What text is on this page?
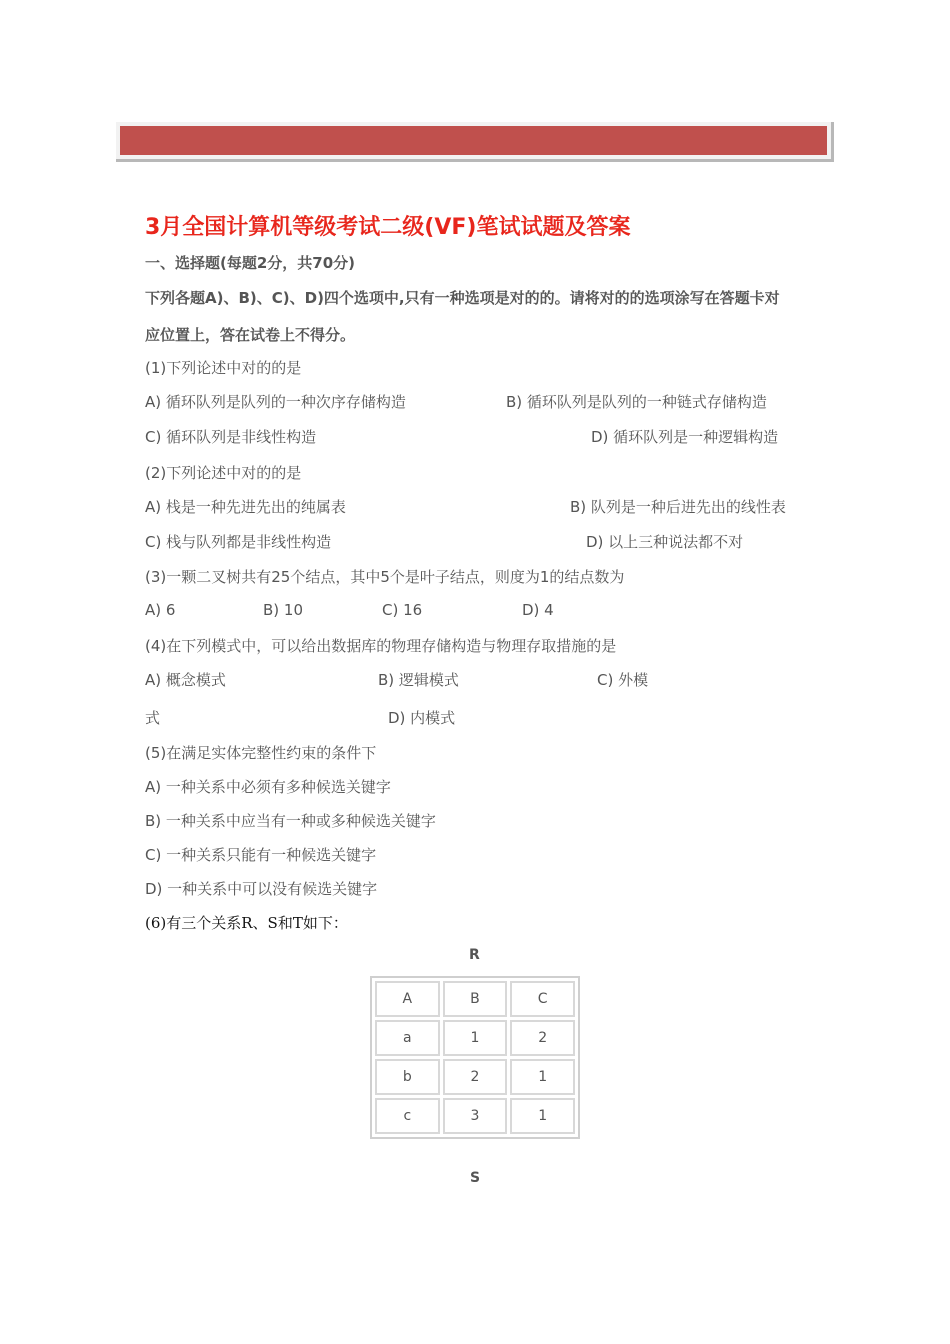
3月全国计算机等级考试二级(VF)笔试试题及答案
一、选择题(每题2分，共70分)
下列各题A)、B)、C)、D)四个选项中,只有一种选项是对的的。请将对的的选项涂写在答题卡对
应位置上，答在试卷上不得分。
(1)下列论述中对的的是
A) 循环队列是队列的一种次序存储构造	B) 循环队列是队列的一种链式存储构造
C) 循环队列是非线性构造	D) 循环队列是一种逻辑构造
(2)下列论述中对的的是
A) 栈是一种先进先出的纯属表	B) 队列是一种后进先出的线性表
C) 栈与队列都是非线性构造	D) 以上三种说法都不对
(3)一颗二叉树共有25个结点，其中5个是叶子结点，则度为1的结点数为
A) 6	B) 10	C) 16	D) 4
(4)在下列模式中，可以给出数据库的物理存储构造与物理存取措施的是
A) 概念模式	B) 逻辑模式	C) 外模
式	D) 内模式
(5)在满足实体完整性约束的条件下
A) 一种关系中必须有多种候选关键字
B) 一种关系中应当有一种或多种候选关键字
C) 一种关系只能有一种候选关键字
D) 一种关系中可以没有候选关键字
(6)有三个关系R、S和T如下：
R
A	B	C
a	1	2
b	2	1
c	3	1
S
